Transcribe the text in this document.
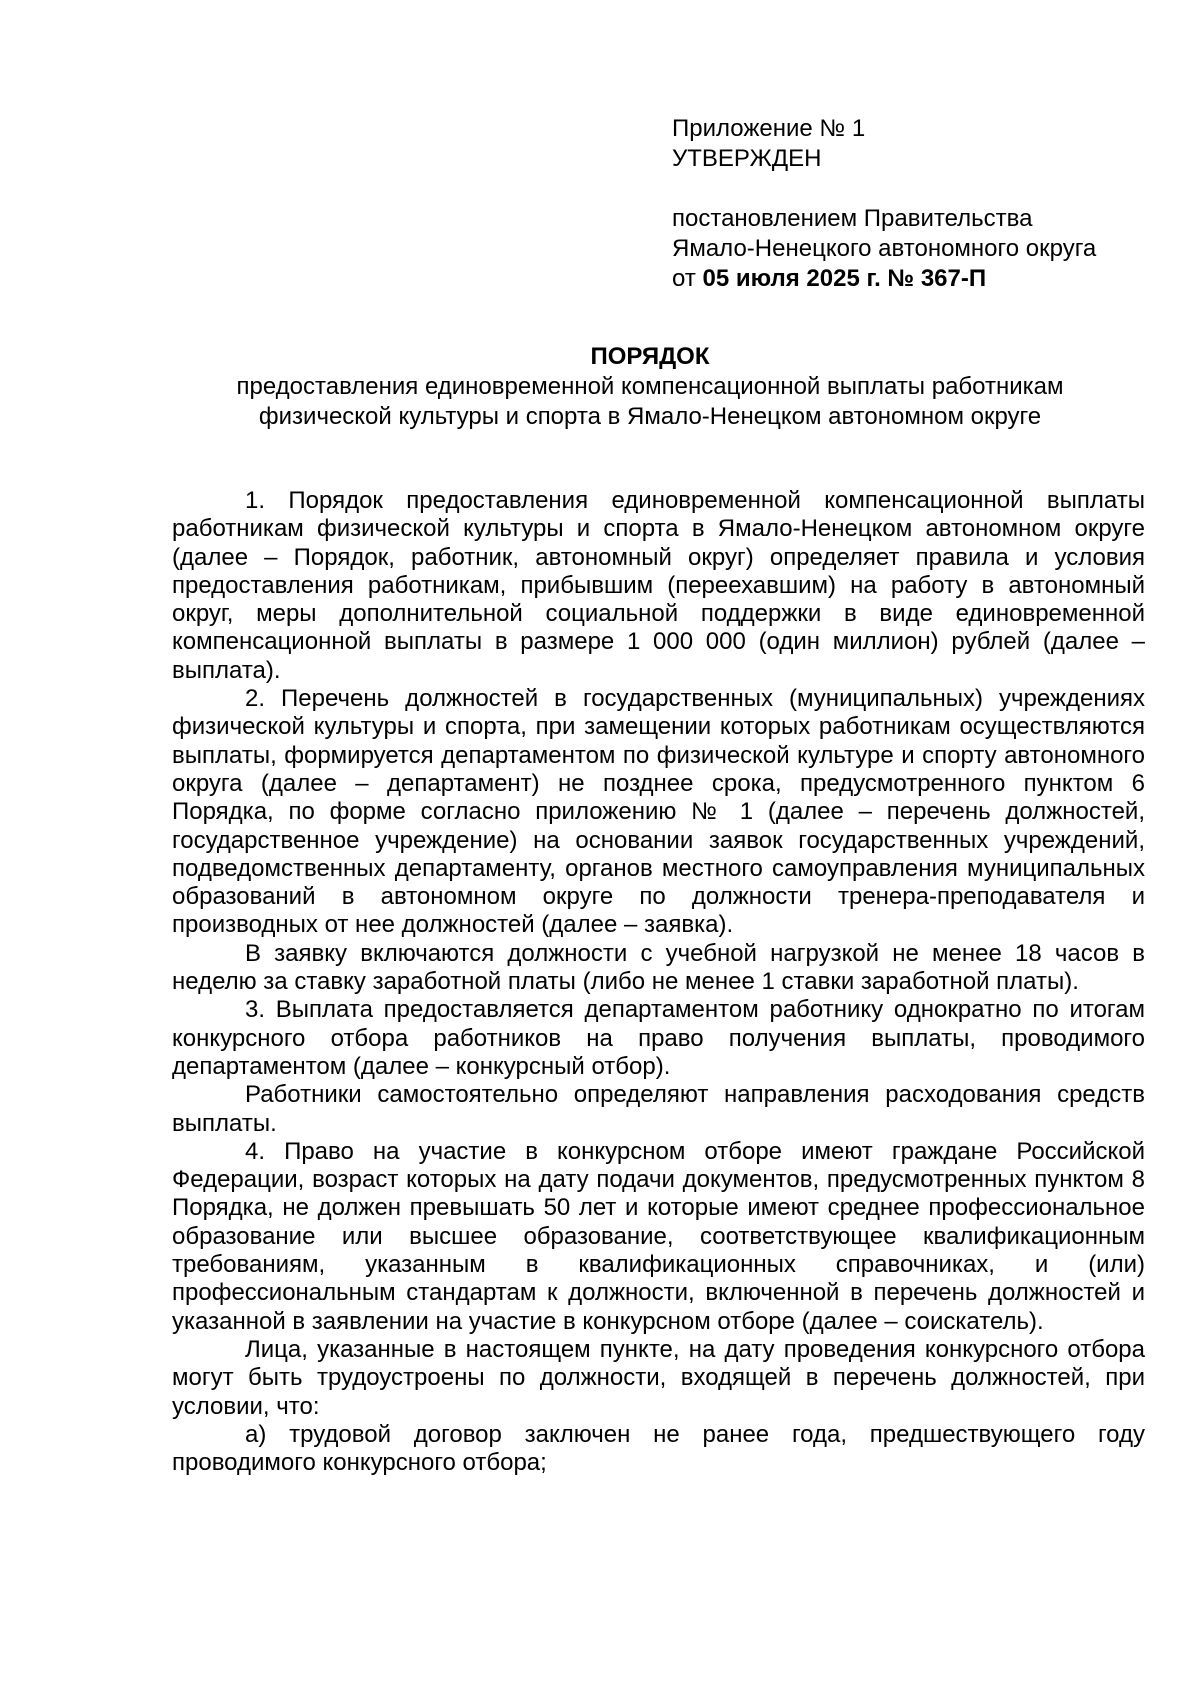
Приложение № 1
УТВЕРЖДЕН
постановлением Правительства
Ямало-Ненецкого автономного округа
от 05 июля 2025 г. № 367-П
ПОРЯДОК
предоставления единовременной компенсационной выплаты работникам
физической культуры и спорта в Ямало-Ненецком автономном округе

1. Порядок предоставления единовременной компенсационной выплаты работникам физической культуры и спорта в Ямало-Ненецком автономном округе (далее – Порядок, работник, автономный округ) определяет правила и условия предоставления работникам, прибывшим (переехавшим) на работу в автономный округ, меры дополнительной социальной поддержки в виде единовременной компенсационной выплаты в размере 1 000 000 (один миллион) рублей (далее – выплата).

2. Перечень должностей в государственных (муниципальных) учреждениях физической культуры и спорта, при замещении которых работникам осуществляются выплаты, формируется департаментом по физической культуре и спорту автономного округа (далее – департамент) не позднее срока, предусмотренного пунктом 6 Порядка, по форме согласно приложению № 1 (далее – перечень должностей, государственное учреждение) на основании заявок государственных учреждений, подведомственных департаменту, органов местного самоуправления муниципальных образований в автономном округе по должности тренера-преподавателя и производных от нее должностей (далее – заявка).

В заявку включаются должности с учебной нагрузкой не менее 18 часов в неделю за ставку заработной платы (либо не менее 1 ставки заработной платы).

3. Выплата предоставляется департаментом работнику однократно по итогам конкурсного отбора работников на право получения выплаты, проводимого департаментом (далее – конкурсный отбор).

Работники самостоятельно определяют направления расходования средств выплаты.

4. Право на участие в конкурсном отборе имеют граждане Российской Федерации, возраст которых на дату подачи документов, предусмотренных пунктом 8 Порядка, не должен превышать 50 лет и которые имеют среднее профессиональное образование или высшее образование, соответствующее квалификационным требованиям, указанным в квалификационных справочниках, и (или) профессиональным стандартам к должности, включенной в перечень должностей и указанной в заявлении на участие в конкурсном отборе (далее – соискатель).

Лица, указанные в настоящем пункте, на дату проведения конкурсного отбора могут быть трудоустроены по должности, входящей в перечень должностей, при условии, что:

а) трудовой договор заключен не ранее года, предшествующего году проводимого конкурсного отбора;
